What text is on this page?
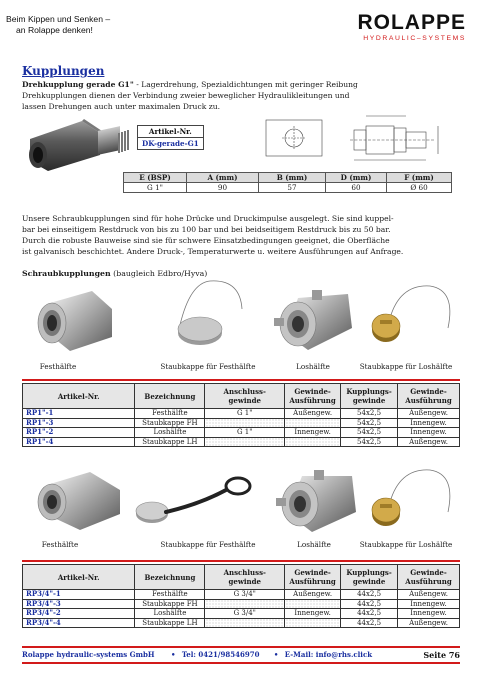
Beim Kippen und Senken –
an Rolappe denken!	ROLAPPE
HYDRAULIC–SYSTEMS
Kupplungen
Drehkupplung gerade G1" - Lagerdrehung, Spezialdichtungen mit geringer Reibung
Drehkupplungen dienen der Verbindung zweier beweglicher Hydraulikleitungen und
lassen Drehungen auch unter maximalen Druck zu.
Artikel-Nr.
DK-gerade-G1
E (BSP)	A (mm)	B (mm)	D (mm)	F (mm)
G 1"	90	57	60	Ø 60
Unsere Schraubkupplungen sind für hohe Drücke und Druckimpulse ausgelegt. Sie sind kuppel-
bar bei einseitigem Restdruck von bis zu 100 bar und bei beidseitigem Restdruck bis zu 50 bar.
Durch die robuste Bauweise sind sie für schwere Einsatzbedingungen geeignet, die Oberfläche
ist galvanisch beschichtet. Andere Druck-, Temperaturwerte u. weitere Ausführungen auf Anfrage.
Schraubkupplungen (baugleich Edbro/Hyva)
Festhälfte	Staubkappe für Festhälfte	Loshälfte	Staubkappe für Loshälfte
Artikel-Nr.	Bezeichnung	Anschluss-
gewinde	Gewinde-
Ausführung	Kupplungs-
gewinde	Gewinde-
Ausführung
RP1"-1	Festhälfte	G 1"	Außengew.	54x2,5	Außengew.
RP1"-3	Staubkappe FH			54x2,5	Innengew.
RP1"-2	Loshälfte	G 1"	Innengew.	54x2,5	Innengew.
RP1"-4	Staubkappe LH			54x2,5	Außengew.
Festhälfte	Staubkappe für Festhälfte	Loshälfte	Staubkappe für Loshälfte
Artikel-Nr.	Bezeichnung	Anschluss-
gewinde	Gewinde-
Ausführung	Kupplungs-
gewinde	Gewinde-
Ausführung
RP3/4"-1	Festhälfte	G 3/4"	Außengew.	44x2,5	Außengew.
RP3/4"-3	Staubkappe FH			44x2,5	Innengew.
RP3/4"-2	Loshälfte	G 3/4"	Innengew.	44x2,5	Innengew.
RP3/4"-4	Staubkappe LH			44x2,5	Außengew.
Rolappe hydraulic-systems GmbH • Tel: 0421/98546970 • E-Mail: info@rhs.click	Seite 76
